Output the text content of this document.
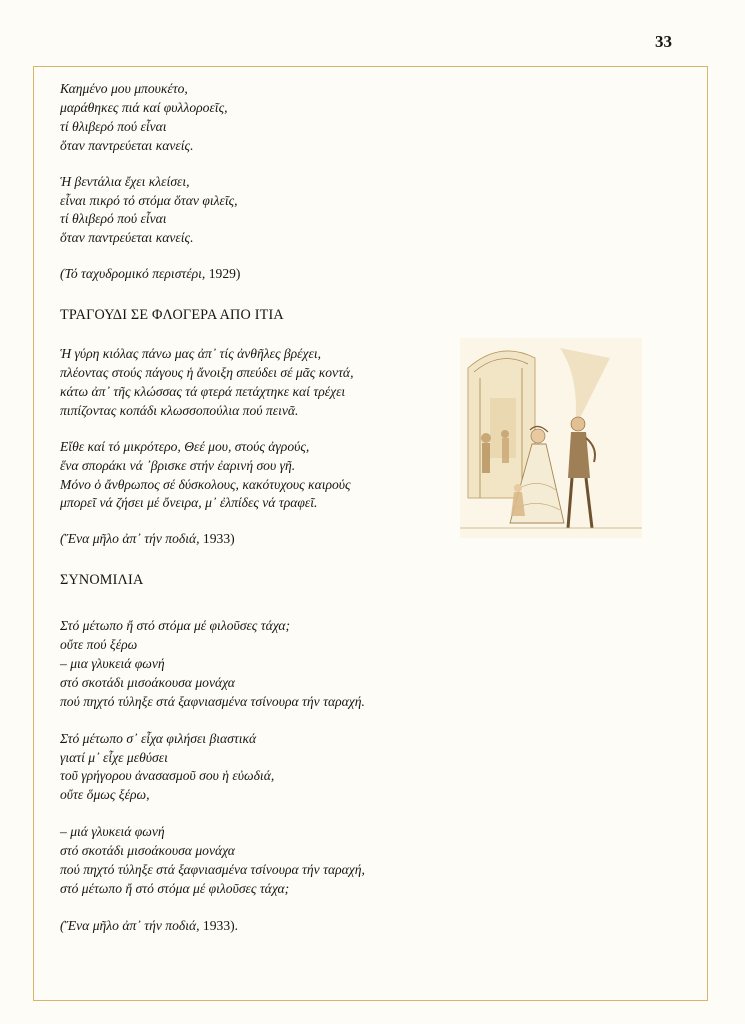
33
Καημένο μου μπουκέτο,
μαράθηκες πιά καί φυλλοροεῖς,
τί θλιβερό πού εἶναι
ὅταν παντρεύεται κανείς.
Ἡ βεντάλια ἔχει κλείσει,
εἶναι πικρό τό στόμα ὅταν φιλεῖς,
τί θλιβερό πού εἶναι
ὅταν παντρεύεται κανείς.
(Τό ταχυδρομικό περιστέρι, 1929)
ΤΡΑΓΟΥΔΙ ΣΕ ΦΛΟΓΕΡΑ ΑΠΟ ΙΤΙΑ
Ἡ γύρη κιόλας πάνω μας ἀπ᾽ τίς ἀνθῆλες βρέχει,
πλέοντας στούς πάγους ἡ ἄνοιξη σπεύδει σέ μᾶς κοντά,
κάτω ἀπ᾽ τῆς κλώσσας τά φτερά πετάχτηκε καί τρέχει
πιπίζοντας κοπάδι κλωσσοπούλια πού πεινᾶ.
Εἴθε καί τό μικρότερο, Θεέ μου, στούς ἀγρούς,
ἕνα σποράκι νά ᾽βρισκε στήν ἐαρινή σου γῆ.
Μόνο ὁ ἄνθρωπος σέ δύσκολους, κακότυχους καιρούς
μπορεῖ νά ζήσει μέ ὄνειρα, μ᾽ ἐλπίδες νά τραφεῖ.
(Ἕνα μῆλο ἀπ᾽ τήν ποδιά, 1933)
ΣΥΝΟΜΙΛΙΑ
Στό μέτωπο ἤ στό στόμα μέ φιλοῦσες τάχα;
οὔτε πού ξέρω
– μια γλυκειά φωνή
στό σκοτάδι μισοάκουσα μονάχα
πού πηχτό τύληξε στά ξαφνιασμένα τσίνουρα τήν ταραχή.
Στό μέτωπο σ᾽ εἶχα φιλήσει βιαστικά
γιατί μ᾽ εἶχε μεθύσει
τοῦ γρήγορου ἀνασασμοῦ σου ἡ εὐωδιά,
οὔτε ὅμως ξέρω,
– μιά γλυκειά φωνή
στό σκοτάδι μισοάκουσα μονάχα
πού πηχτό τύληξε στά ξαφνιασμένα τσίνουρα τήν ταραχή,
στό μέτωπο ἤ στό στόμα μέ φιλοῦσες τάχα;
(Ἕνα μῆλο ἀπ᾽ τήν ποδιά, 1933).
